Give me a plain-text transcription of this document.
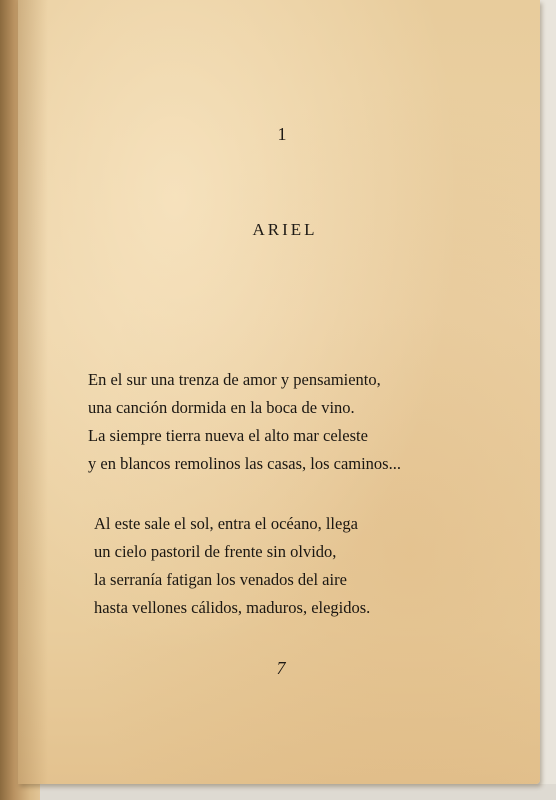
1
ARIEL
En el sur una trenza de amor y pensamiento,
una canción dormida en la boca de vino.
La siempre tierra nueva el alto mar celeste
y en blancos remolinos las casas, los caminos...
Al este sale el sol, entra el océano, llega
un cielo pastoril de frente sin olvido,
la serranía fatigan los venados del aire
hasta vellones cálidos, maduros, elegidos.
7
